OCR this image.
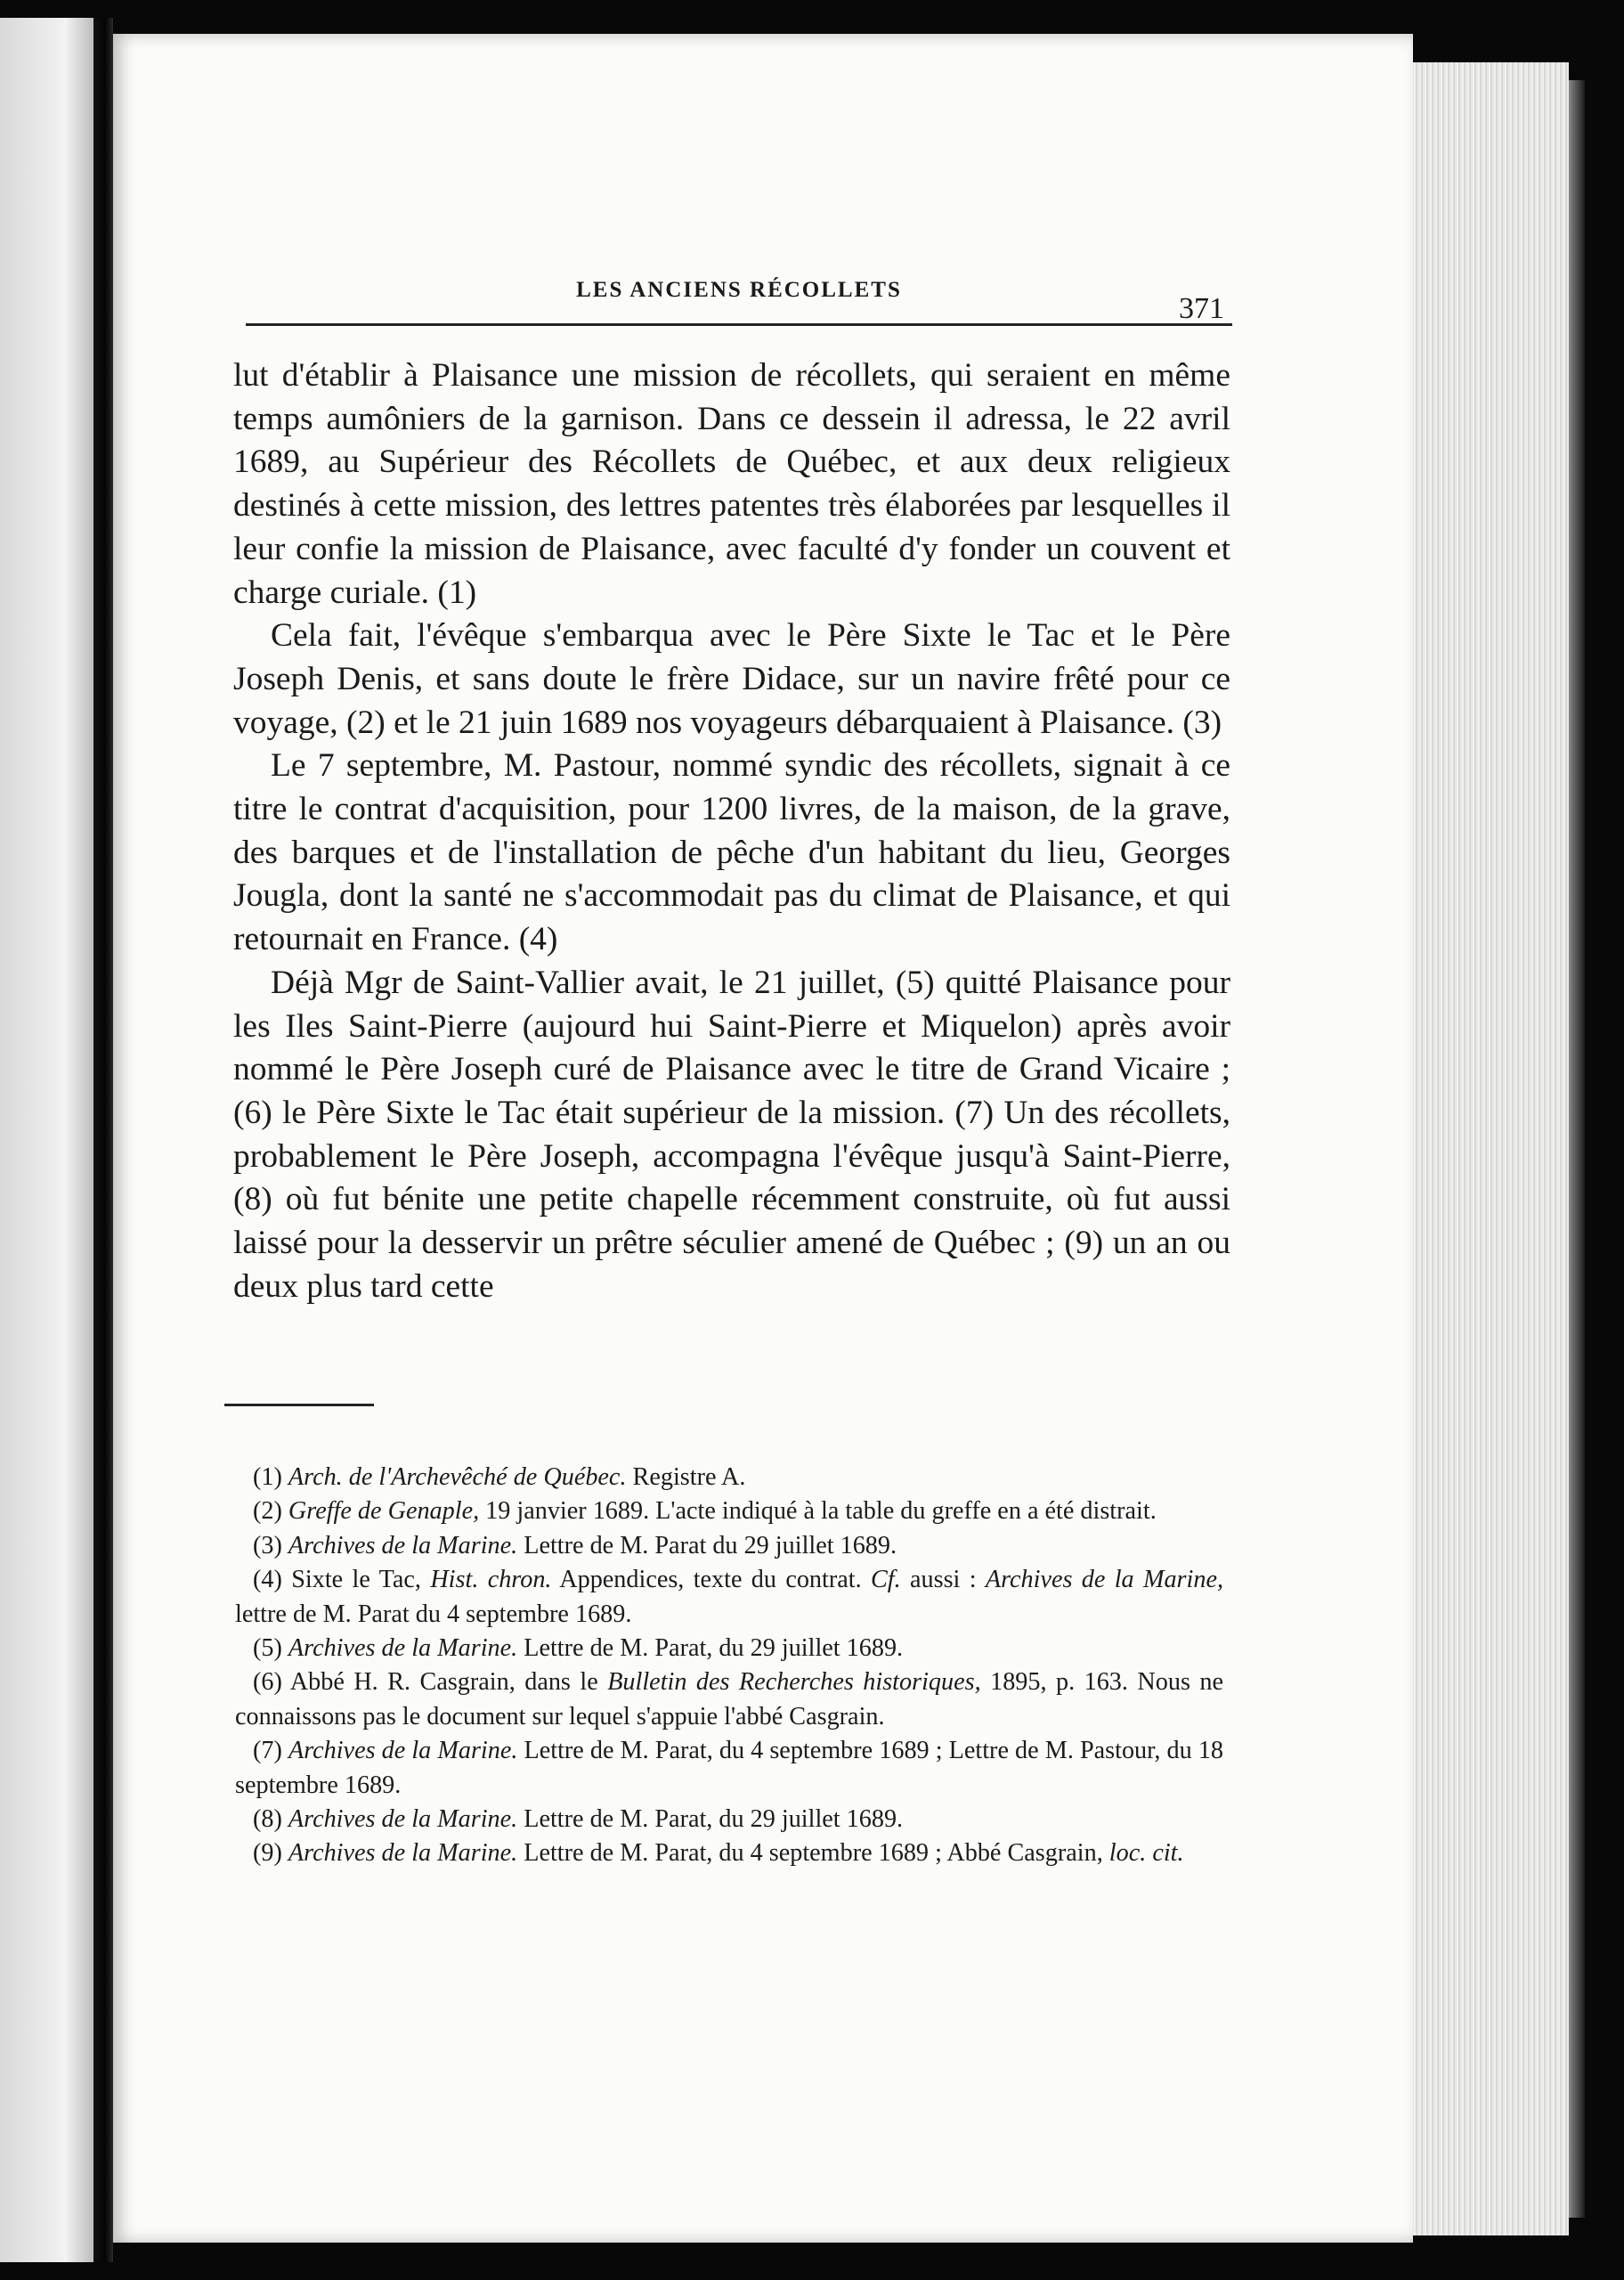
LES ANCIENS RÉCOLLETS
371

lut d'établir à Plaisance une mission de récollets, qui seraient en même temps aumôniers de la garnison. Dans ce dessein il adressa, le 22 avril 1689, au Supérieur des Récollets de Québec, et aux deux religieux destinés à cette mission, des lettres patentes très élaborées par lesquelles il leur confie la mission de Plaisance, avec faculté d'y fonder un couvent et charge curiale. (1)

Cela fait, l'évêque s'embarqua avec le Père Sixte le Tac et le Père Joseph Denis, et sans doute le frère Didace, sur un navire frêté pour ce voyage, (2) et le 21 juin 1689 nos voyageurs débarquaient à Plaisance. (3)

Le 7 septembre, M. Pastour, nommé syndic des récollets, signait à ce titre le contrat d'acquisition, pour 1200 livres, de la maison, de la grave, des barques et de l'installation de pêche d'un habitant du lieu, Georges Jougla, dont la santé ne s'accommodait pas du climat de Plaisance, et qui retournait en France. (4)

Déjà Mgr de Saint-Vallier avait, le 21 juillet, (5) quitté Plaisance pour les Iles Saint-Pierre (aujourd hui Saint-Pierre et Miquelon) après avoir nommé le Père Joseph curé de Plaisance avec le titre de Grand Vicaire ; (6) le Père Sixte le Tac était supérieur de la mission. (7) Un des récollets, probablement le Père Joseph, accompagna l'évêque jusqu'à Saint-Pierre, (8) où fut bénite une petite chapelle récemment construite, où fut aussi laissé pour la desservir un prêtre séculier amené de Québec ; (9) un an ou deux plus tard cette

(1) Arch. de l'Archevêché de Québec. Registre A.

(2) Greffe de Genaple, 19 janvier 1689. L'acte indiqué à la table du greffe en a été distrait.

(3) Archives de la Marine. Lettre de M. Parat du 29 juillet 1689.

(4) Sixte le Tac, Hist. chron. Appendices, texte du contrat. Cf. aussi : Archives de la Marine, lettre de M. Parat du 4 septembre 1689.

(5) Archives de la Marine. Lettre de M. Parat, du 29 juillet 1689.

(6) Abbé H. R. Casgrain, dans le Bulletin des Recherches historiques, 1895, p. 163. Nous ne connaissons pas le document sur lequel s'appuie l'abbé Casgrain.

(7) Archives de la Marine. Lettre de M. Parat, du 4 septembre 1689 ; Lettre de M. Pastour, du 18 septembre 1689.

(8) Archives de la Marine. Lettre de M. Parat, du 29 juillet 1689.

(9) Archives de la Marine. Lettre de M. Parat, du 4 septembre 1689 ; Abbé Casgrain, loc. cit.
